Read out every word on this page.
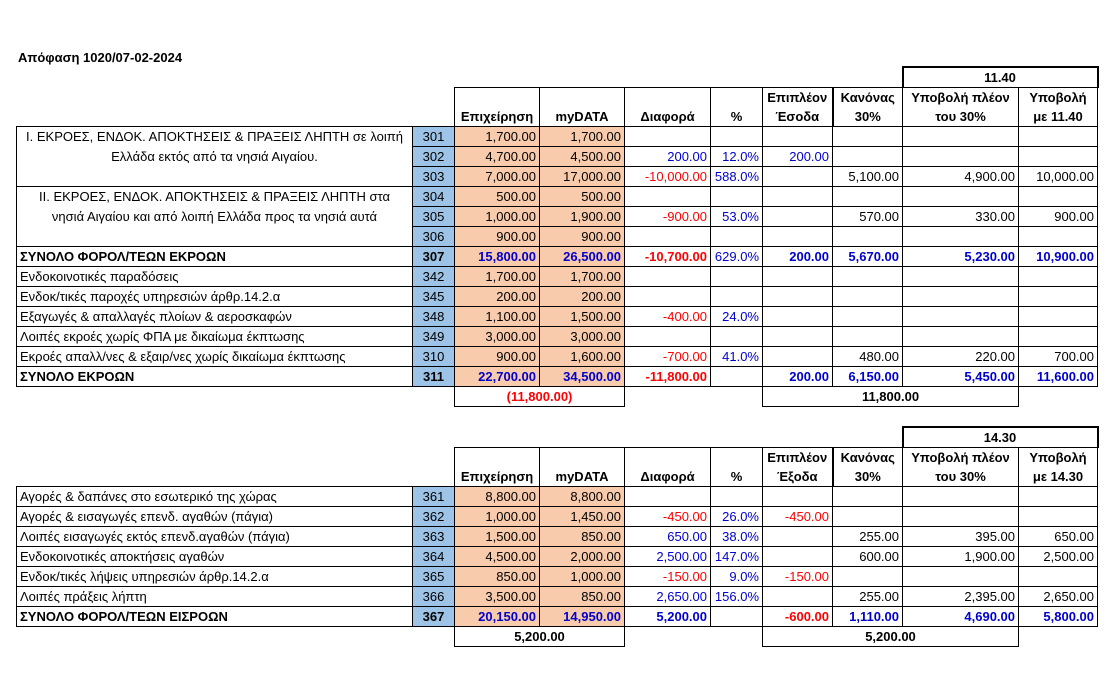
Απόφαση 1020/07-02-2024
								11.40	
						Επιπλέον	Κανόνας	Υποβολή πλέον	Υποβολή
		Επιχείρηση	myDATA	Διαφορά	%	Έσοδα	30%	του 30%	με 11.40

Ι. ΕΚΡΟΕΣ, ΕΝΔΟΚ. ΑΠΟΚΤΗΣΕΙΣ & ΠΡΑΞΕΙΣ ΛΗΠΤΗ σε λοιπή
Ελλάδα εκτός από τα νησιά Αιγαίου.	301	1,700.00	1,700.00						
	302	4,700.00	4,500.00	200.00	12.0%	200.00			
	303	7,000.00	17,000.00	-10,000.00	588.0%		5,100.00	4,900.00	10,000.00

ΙΙ. ΕΚΡΟΕΣ, ΕΝΔΟΚ. ΑΠΟΚΤΗΣΕΙΣ & ΠΡΑΞΕΙΣ ΛΗΠΤΗ στα
νησιά Αιγαίου και από λοιπή Ελλάδα προς τα νησιά αυτά	304	500.00	500.00						
	305	1,000.00	1,900.00	-900.00	53.0%		570.00	330.00	900.00
	306	900.00	900.00						
ΣΥΝΟΛΟ ΦΟΡΟΛ/ΤΕΩΝ ΕΚΡΟΩΝ	307	15,800.00	26,500.00	-10,700.00	629.0%	200.00	5,670.00	5,230.00	10,900.00
Ενδοκοινοτικές παραδόσεις	342	1,700.00	1,700.00						
Ενδοκ/τικές παροχές υπηρεσιών άρθρ.14.2.α	345	200.00	200.00						
Εξαγωγές & απαλλαγές πλοίων & αεροσκαφών	348	1,100.00	1,500.00	-400.00	24.0%				
Λοιπές εκροές χωρίς ΦΠΑ με δικαίωμα έκπτωσης	349	3,000.00	3,000.00						
Εκροές απαλλ/νες & εξαιρ/νες χωρίς δικαίωμα έκπτωσης	310	900.00	1,600.00	-700.00	41.0%		480.00	220.00	700.00
ΣΥΝΟΛΟ ΕΚΡΟΩΝ	311	22,700.00	34,500.00	-11,800.00		200.00	6,150.00	5,450.00	11,600.00
		(11,800.00)				11,800.00			
								14.30	
						Επιπλέον	Κανόνας	Υποβολή πλέον	Υποβολή
		Επιχείρηση	myDATA	Διαφορά	%	Έξοδα	30%	του 30%	με 14.30
Αγορές & δαπάνες στο εσωτερικό της χώρας	361	8,800.00	8,800.00						
Αγορές & εισαγωγές επενδ. αγαθών (πάγια)	362	1,000.00	1,450.00	-450.00	26.0%	-450.00			
Λοιπές εισαγωγές εκτός επενδ.αγαθών (πάγια)	363	1,500.00	850.00	650.00	38.0%		255.00	395.00	650.00
Ενδοκοινοτικές αποκτήσεις αγαθών	364	4,500.00	2,000.00	2,500.00	147.0%		600.00	1,900.00	2,500.00
Ενδοκ/τικές λήψεις υπηρεσιών άρθρ.14.2.α	365	850.00	1,000.00	-150.00	9.0%	-150.00			
Λοιπές πράξεις λήπτη	366	3,500.00	850.00	2,650.00	156.0%		255.00	2,395.00	2,650.00
ΣΥΝΟΛΟ ΦΟΡΟΛ/ΤΕΩΝ ΕΙΣΡΟΩΝ	367	20,150.00	14,950.00	5,200.00		-600.00	1,110.00	4,690.00	5,800.00
		5,200.00				5,200.00			
